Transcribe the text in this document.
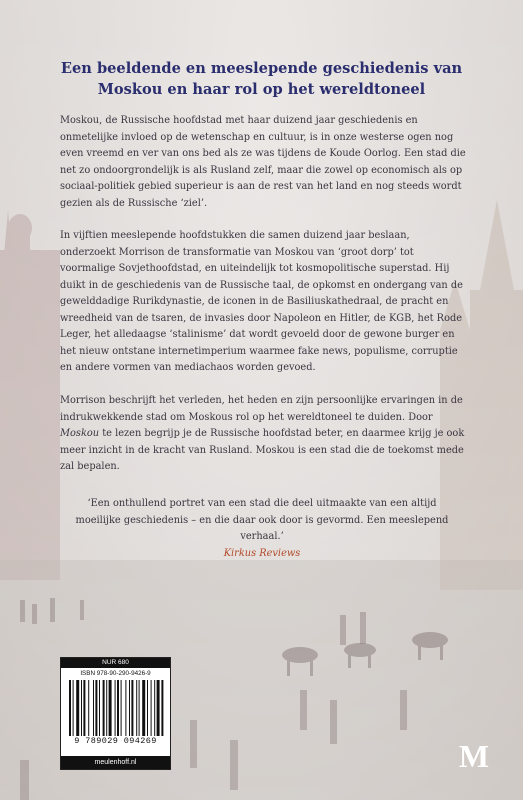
Een beeldende en meeslepende geschiedenis van
Moskou en haar rol op het wereldtoneel
Moskou, de Russische hoofdstad met haar duizend jaar geschiedenis en onmetelijke invloed op de wetenschap en cultuur, is in onze westerse ogen nog even vreemd en ver van ons bed als ze was tijdens de Koude Oorlog. Een stad die net zo ondoorgrondelijk is als Rusland zelf, maar die zowel op economisch als op sociaal-politiek gebied superieur is aan de rest van het land en nog steeds wordt gezien als de Russische ‘ziel’.
In vijftien meeslepende hoofdstukken die samen duizend jaar beslaan, onderzoekt Morrison de transformatie van Moskou van ‘groot dorp’ tot voormalige Sovjethoofdstad, en uiteindelijk tot kosmopolitische superstad. Hij duikt in de geschiedenis van de Russische taal, de opkomst en ondergang van de gewelddadige Rurikdynastie, de iconen in de Basiliuskathedraal, de pracht en wreedheid van de tsaren, de invasies door Napoleon en Hitler, de KGB, het Rode Leger, het alledaagse ‘stalinisme’ dat wordt gevoeld door de gewone burger en het nieuw ontstane internetimperium waarmee fake news, populisme, corruptie en andere vormen van mediachaos worden gevoed.
Morrison beschrijft het verleden, het heden en zijn persoonlijke ervaringen in de indrukwekkende stad om Moskous rol op het wereldtoneel te duiden. Door Moskou te lezen begrijp je de Russische hoofdstad beter, en daarmee krijg je ook meer inzicht in de kracht van Rusland. Moskou is een stad die de toekomst mede zal bepalen.
‘Een onthullend portret van een stad die deel uitmaakte van een altijd moeilijke geschiedenis – en die daar ook door is gevormd. Een meeslepend verhaal.’
Kirkus Reviews
NUR 680
ISBN 978-90-290-9426-9
9 789029 094269
meulenhoff.nl	M
